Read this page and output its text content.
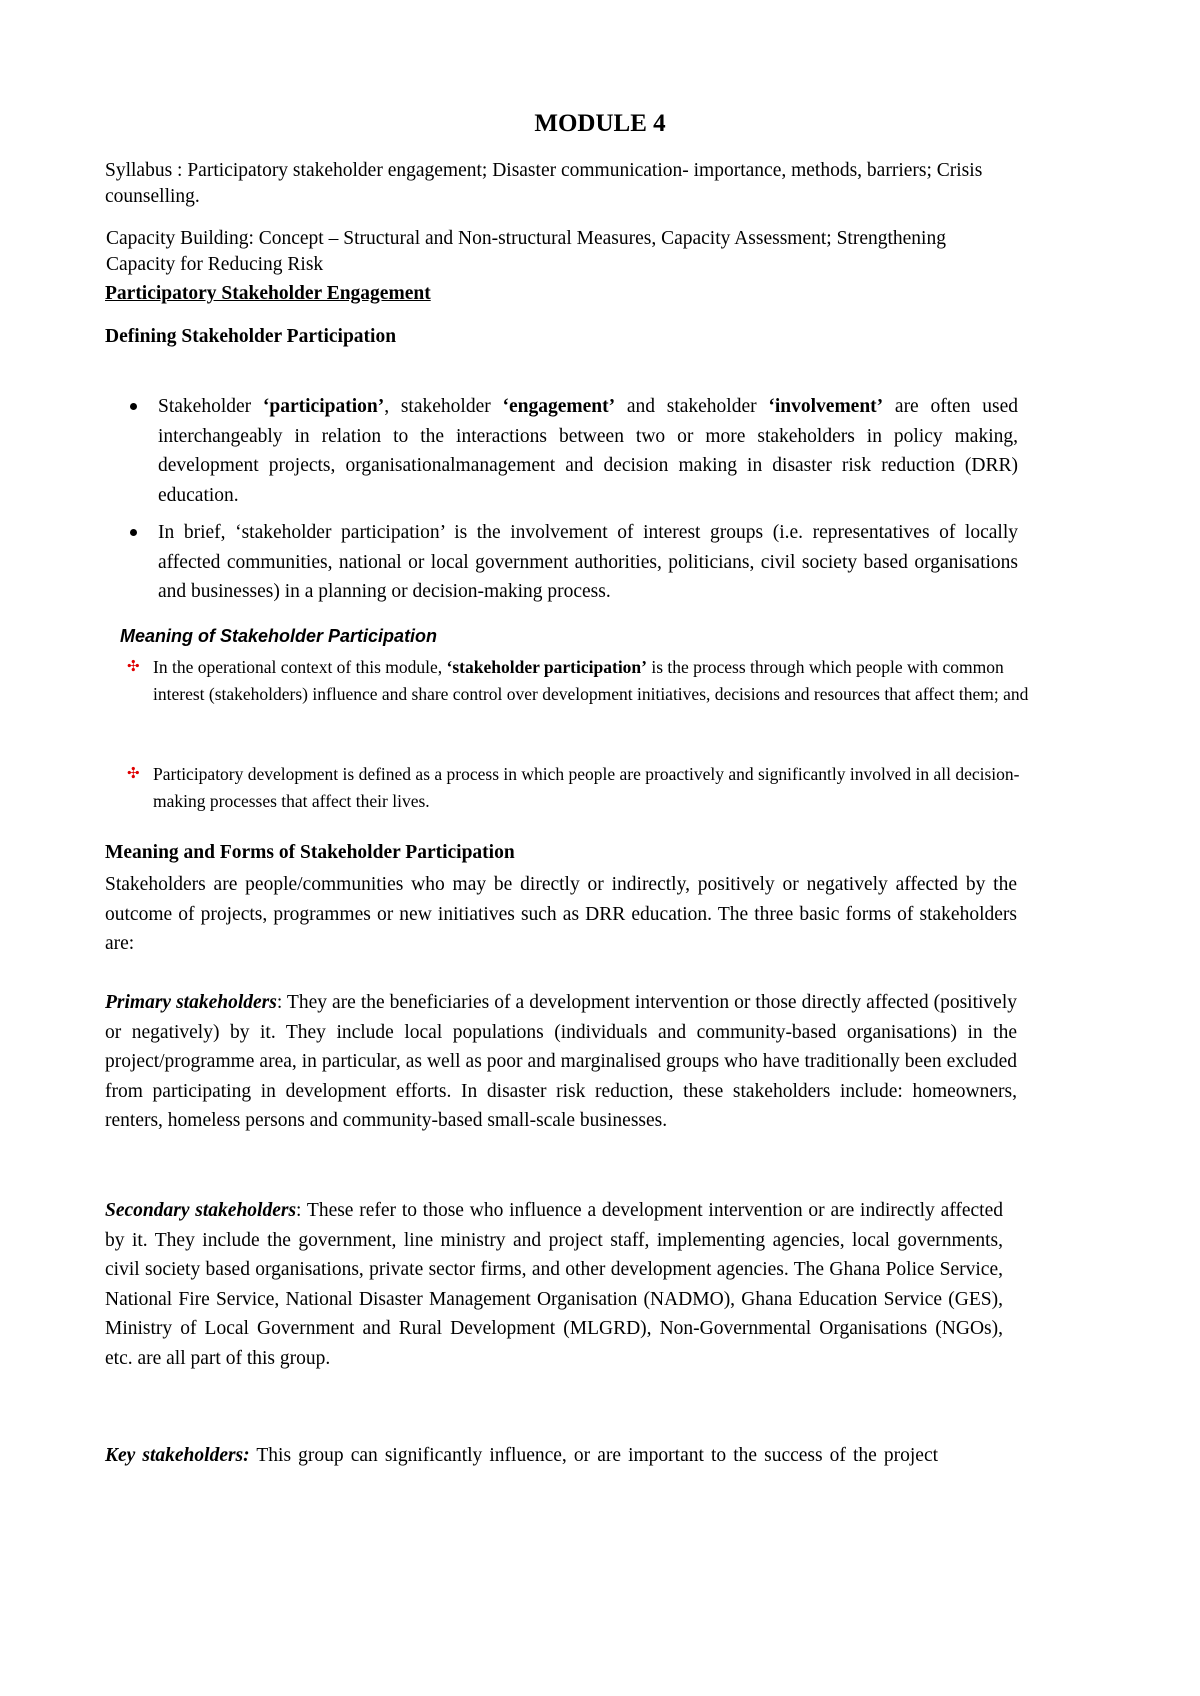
MODULE 4
Syllabus : Participatory stakeholder engagement; Disaster communication- importance, methods, barriers; Crisis counselling.
Capacity Building: Concept – Structural and Non-structural Measures, Capacity Assessment; Strengthening Capacity for Reducing Risk
Participatory Stakeholder Engagement
Defining Stakeholder Participation
Stakeholder ‘participation’, stakeholder ‘engagement’ and stakeholder ‘involvement’ are often used interchangeably in relation to the interactions between two or more stakeholders in policy making, development projects, organisationalmanagement and decision making in disaster risk reduction (DRR) education.
In brief, ‘stakeholder participation’ is the involvement of interest groups (i.e. representatives of locally affected communities, national or local government authorities, politicians, civil society based organisations and businesses) in a planning or decision-making process.
Meaning of Stakeholder Participation
✣ In the operational context of this module, ‘stakeholder participation’ is the process through which people with common interest (stakeholders) influence and share control over development initiatives, decisions and resources that affect them; and
✣ Participatory development is defined as a process in which people are proactively and significantly involved in all decision-making processes that affect their lives.
Meaning and Forms of Stakeholder Participation
Stakeholders are people/communities who may be directly or indirectly, positively or negatively affected by the outcome of projects, programmes or new initiatives such as DRR education. The three basic forms of stakeholders are:
Primary stakeholders: They are the beneficiaries of a development intervention or those directly affected (positively or negatively) by it. They include local populations (individuals and community-based organisations) in the project/programme area, in particular, as well as poor and marginalised groups who have traditionally been excluded from participating in development efforts. In disaster risk reduction, these stakeholders include: homeowners, renters, homeless persons and community-based small-scale businesses.
Secondary stakeholders: These refer to those who influence a development intervention or are indirectly affected by it. They include the government, line ministry and project staff, implementing agencies, local governments, civil society based organisations, private sector firms, and other development agencies. The Ghana Police Service, National Fire Service, National Disaster Management Organisation (NADMO), Ghana Education Service (GES), Ministry of Local Government and Rural Development (MLGRD), Non-Governmental Organisations (NGOs), etc. are all part of this group.
Key stakeholders: This group can significantly influence, or are important to the success of the project
